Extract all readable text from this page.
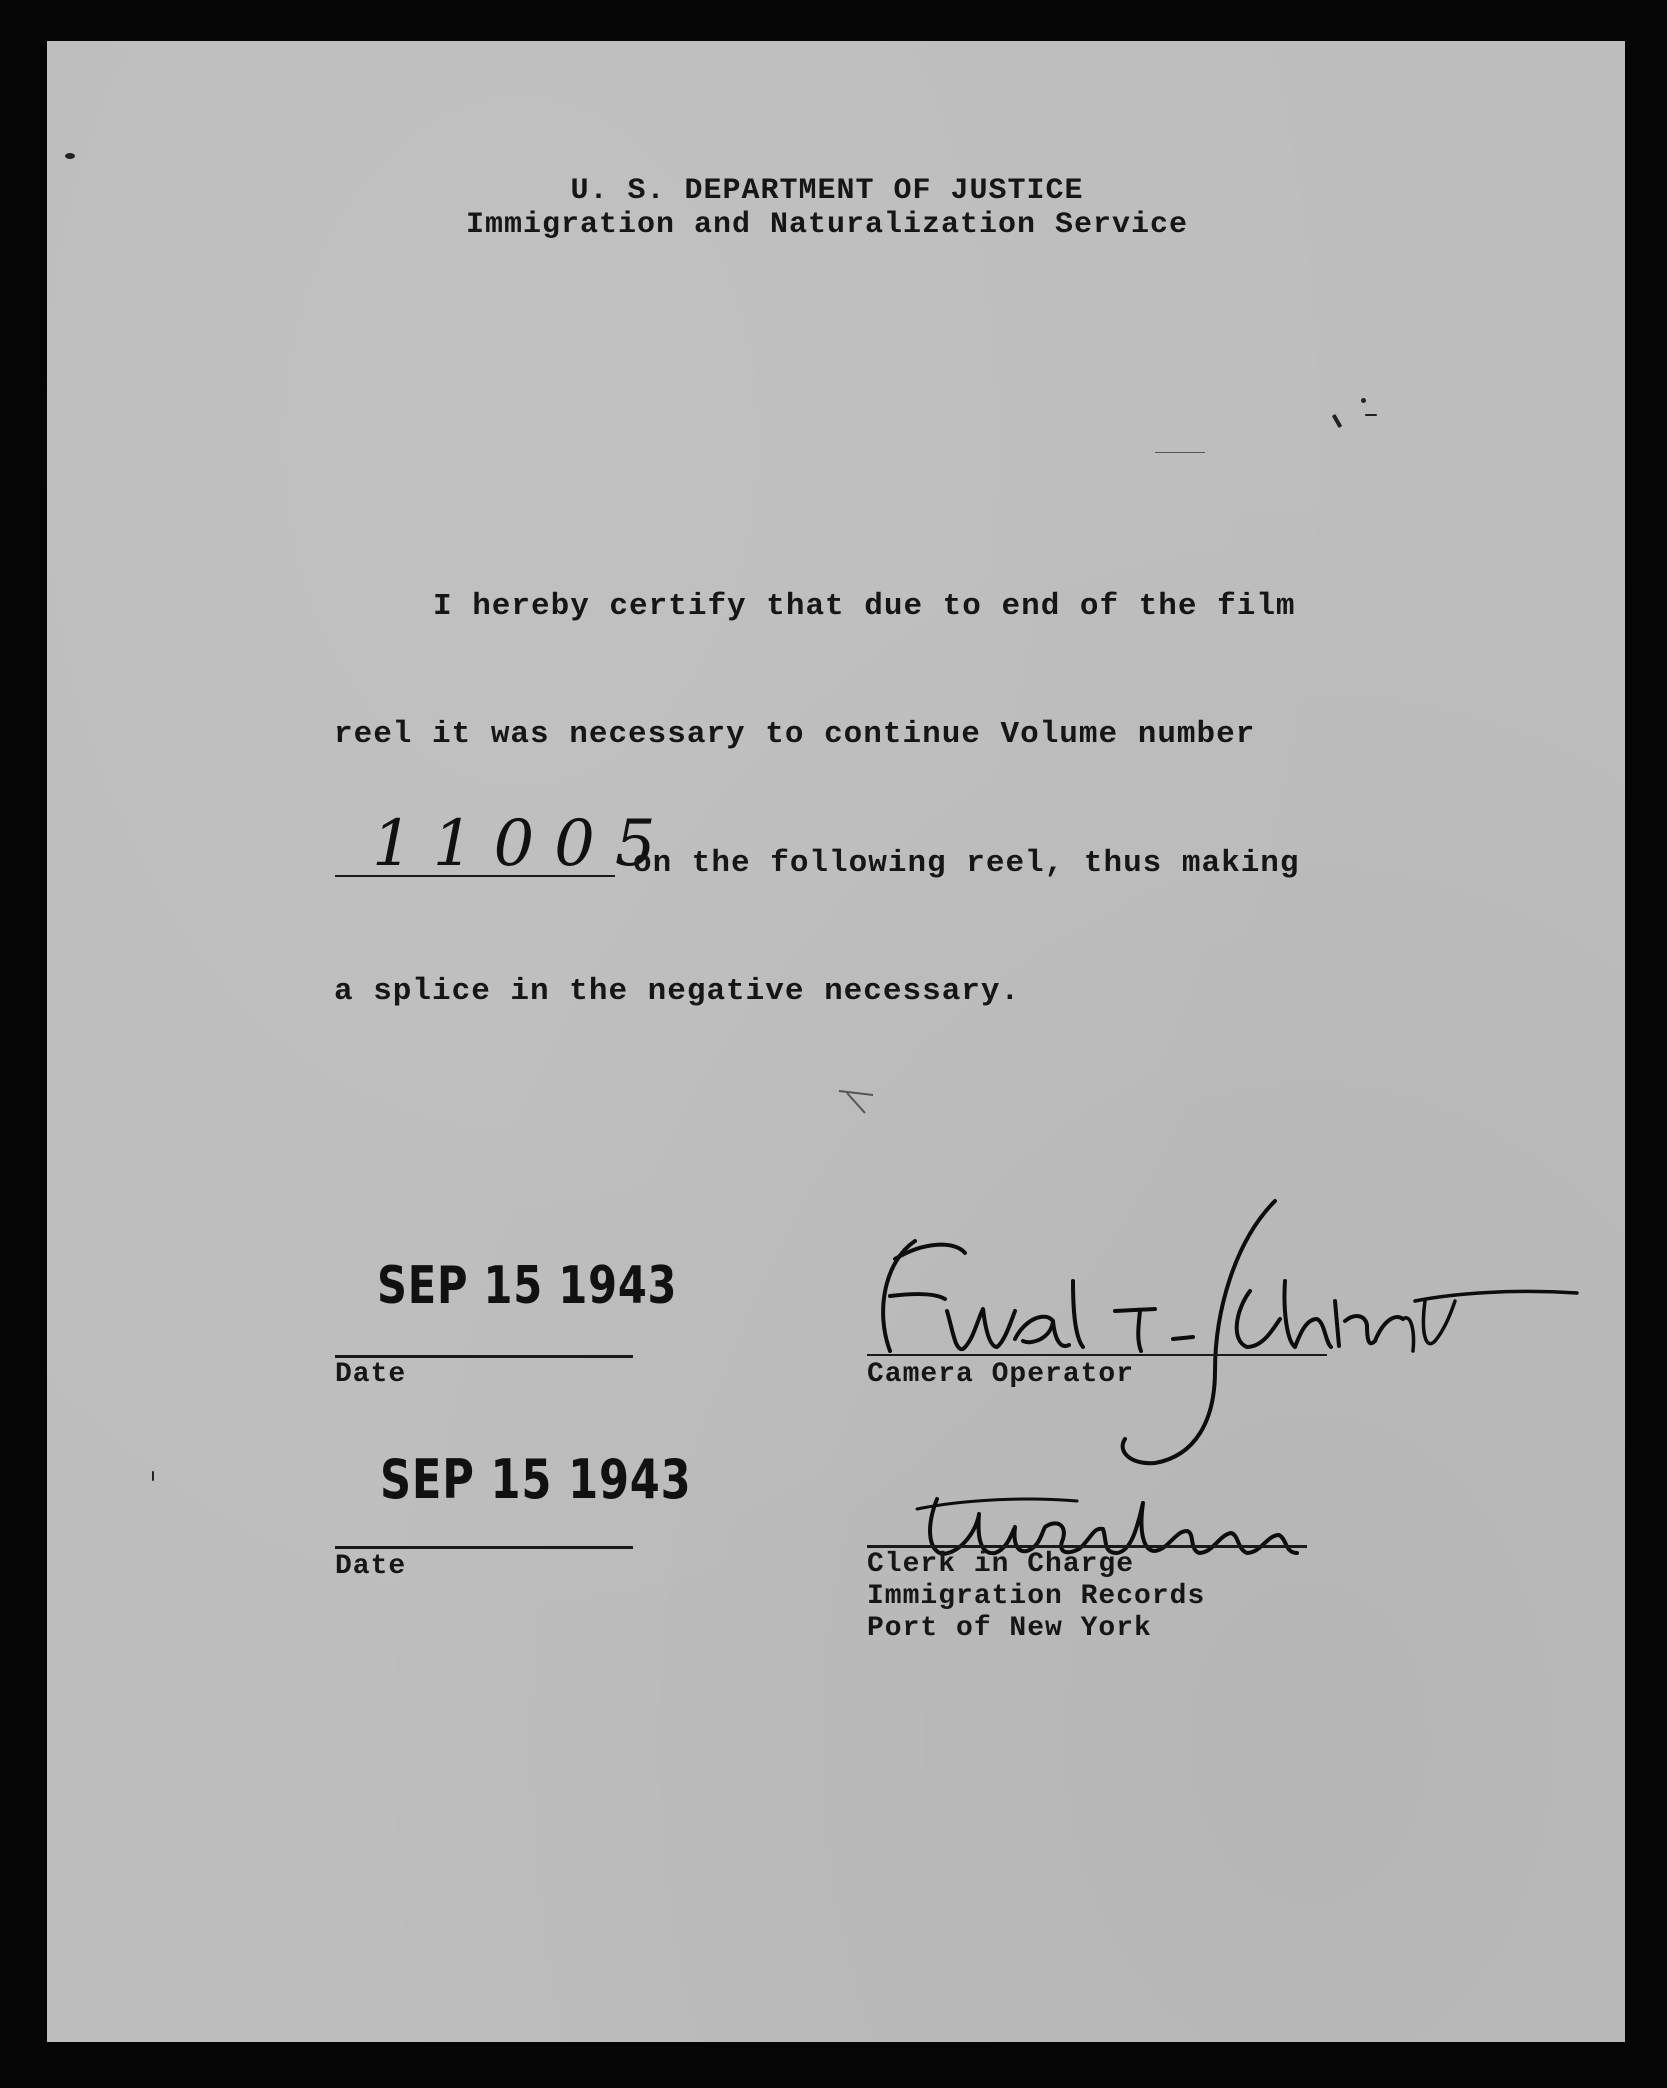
U. S. DEPARTMENT OF JUSTICE
Immigration and Naturalization Service
I hereby certify that due to end of the film
reel it was necessary to continue Volume number
11005
on the following reel, thus making
a splice in the negative necessary.
SEP 15 1943
Date
SEP 15 1943
Date
Camera Operator
Clerk in Charge
Immigration Records
Port of New York
